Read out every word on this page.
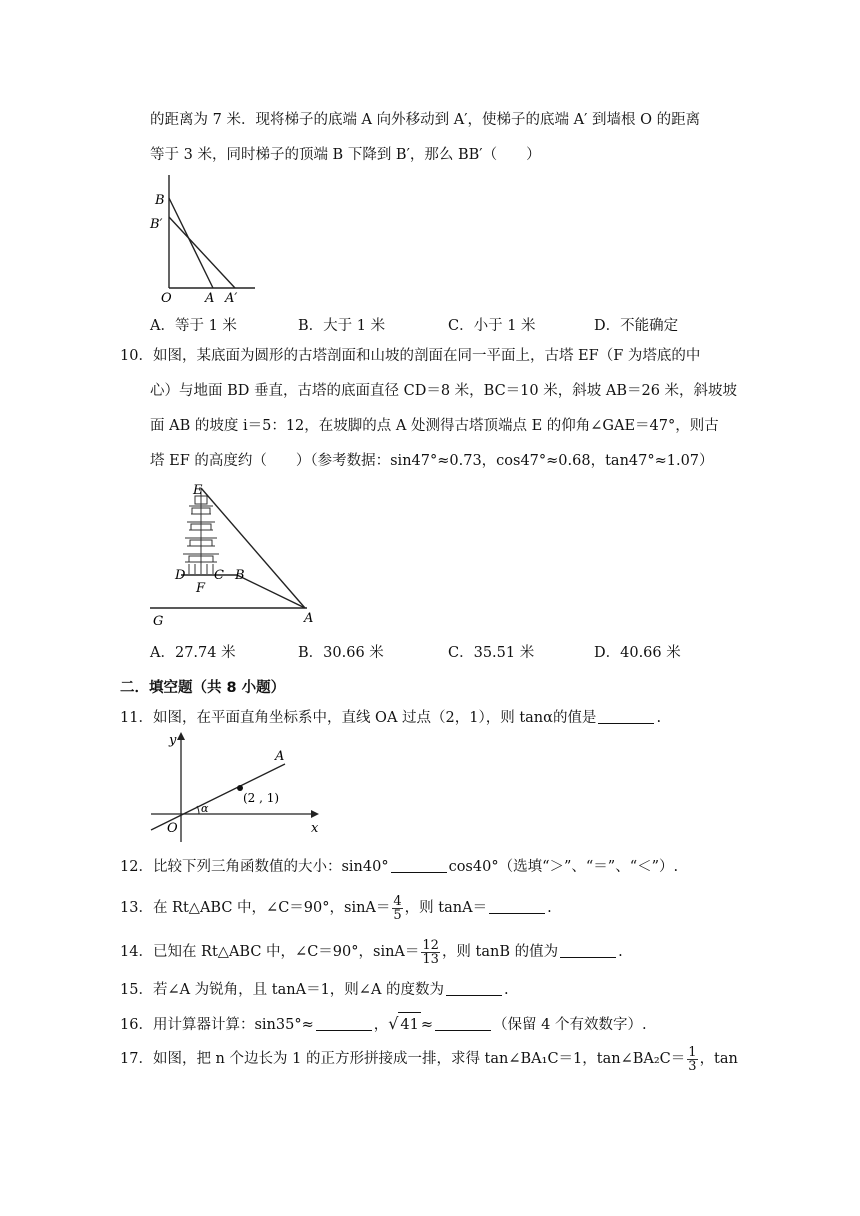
的距离为 7 米．现将梯子的底端 A 向外移动到 A′，使梯子的底端 A′ 到墙根 O 的距离
等于 3 米，同时梯子的顶端 B 下降到 B′，那么 BB′（　　）
B
B′
O	A A′
A．等于 1 米	B．大于 1 米	C．小于 1 米	D．不能确定
10．如图，某底面为圆形的古塔剖面和山坡的剖面在同一平面上，古塔 EF（F 为塔底的中
心）与地面 BD 垂直，古塔的底面直径 CD＝8 米，BC＝10 米，斜坡 AB＝26 米，斜坡坡
面 AB 的坡度 i＝5：12，在坡脚的点 A 处测得古塔顶端点 E 的仰角∠GAE＝47°，则古
塔 EF 的高度约（　　）（参考数据：sin47°≈0.73，cos47°≈0.68，tan47°≈1.07）
E
D C B
F
G	A
A．27.74 米	B．30.66 米	C．35.51 米	D．40.66 米
二．填空题（共 8 小题）
11．如图，在平面直角坐标系中，直线 OA 过点（2，1），则 tanα的值是	.
y
x
O
A
α
(2 , 1)
12．比较下列三角函数值的大小：sin40°	cos40°（选填“＞”、“＝”、“＜”）.
13．在 Rt△ABC 中，∠C＝90°，$\sin A= \frac{4}{5}$ ，则 tanA＝	.
14．已知在 Rt△ABC 中，∠C＝90°，$\sin A= \frac{12}{13}$ ，则 tanB 的值为	.
15．若∠A 为锐角，且 tanA＝1，则∠A 的度数为	.
16．用计算器计算：sin35°≈	，√ 41 ≈	（保留 4 个有效数字）.
17．如图，把 n 个边长为 1 的正方形拼接成一排，求得 tan∠BA₁C＝1，tan∠BA₂C＝ $\frac{1}{3}$ ，tan
